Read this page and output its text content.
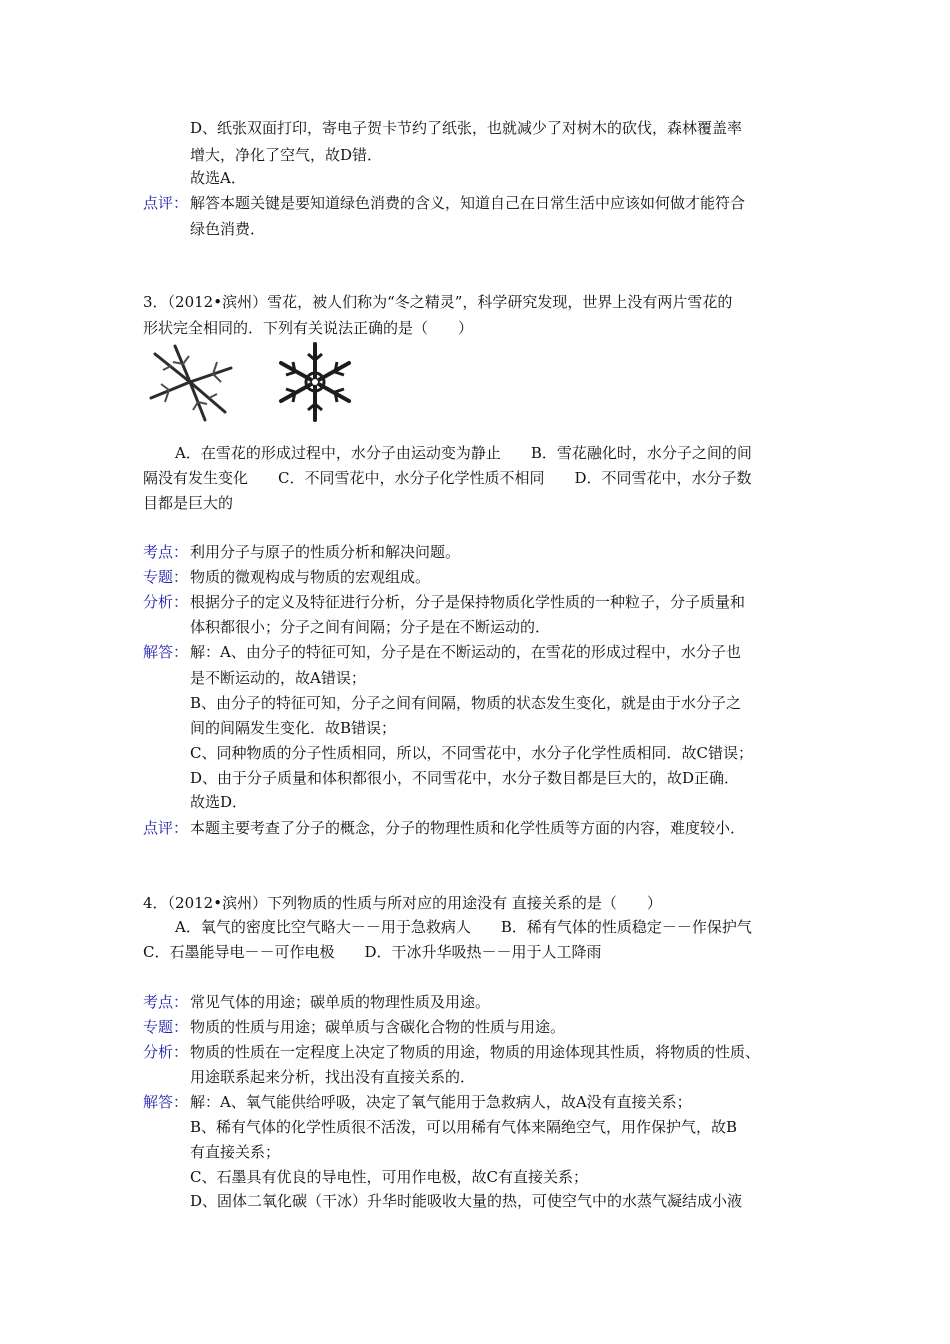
D、纸张双面打印，寄电子贺卡节约了纸张，也就减少了对树木的砍伐，森林覆盖率
增大，净化了空气，故D错．
故选A．
点评： 解答本题关键是要知道绿色消费的含义，知道自己在日常生活中应该如何做才能符合
绿色消费．
3．（2012•滨州）雪花，被人们称为“冬之精灵”，科学研究发现，世界上没有两片雪花的
形状完全相同的．下列有关说法正确的是（　　）
A．在雪花的形成过程中，水分子由运动变为静止　　B．雪花融化时，水分子之间的间
隔没有发生变化　　C．不同雪花中，水分子化学性质不相同　　D．不同雪花中，水分子数
目都是巨大的
考点： 利用分子与原子的性质分析和解决问题。
专题： 物质的微观构成与物质的宏观组成。
分析： 根据分子的定义及特征进行分析，分子是保持物质化学性质的一种粒子，分子质量和
体积都很小；分子之间有间隔；分子是在不断运动的．
解答： 解：A、由分子的特征可知，分子是在不断运动的，在雪花的形成过程中，水分子也
是不断运动的，故A错误；
B、由分子的特征可知，分子之间有间隔，物质的状态发生变化，就是由于水分子之
间的间隔发生变化．故B错误；
C、同种物质的分子性质相同，所以，不同雪花中，水分子化学性质相同．故C错误；
D、由于分子质量和体积都很小，不同雪花中，水分子数目都是巨大的，故D正确．
故选D．
点评： 本题主要考查了分子的概念，分子的物理性质和化学性质等方面的内容，难度较小．
4．（2012•滨州）下列物质的性质与所对应的用途没有 直接关系的是（　　）
A．氧气的密度比空气略大－－用于急救病人　　B．稀有气体的性质稳定－－作保护气
C．石墨能导电－－可作电极　　D．干冰升华吸热－－用于人工降雨
考点： 常见气体的用途；碳单质的物理性质及用途。
专题： 物质的性质与用途；碳单质与含碳化合物的性质与用途。
分析： 物质的性质在一定程度上决定了物质的用途，物质的用途体现其性质，将物质的性质、
用途联系起来分析，找出没有直接关系的．
解答： 解：A、氧气能供给呼吸，决定了氧气能用于急救病人，故A没有直接关系；
B、稀有气体的化学性质很不活泼，可以用稀有气体来隔绝空气，用作保护气，故B
有直接关系；
C、石墨具有优良的导电性，可用作电极，故C有直接关系；
D、固体二氧化碳（干冰）升华时能吸收大量的热，可使空气中的水蒸气凝结成小液
